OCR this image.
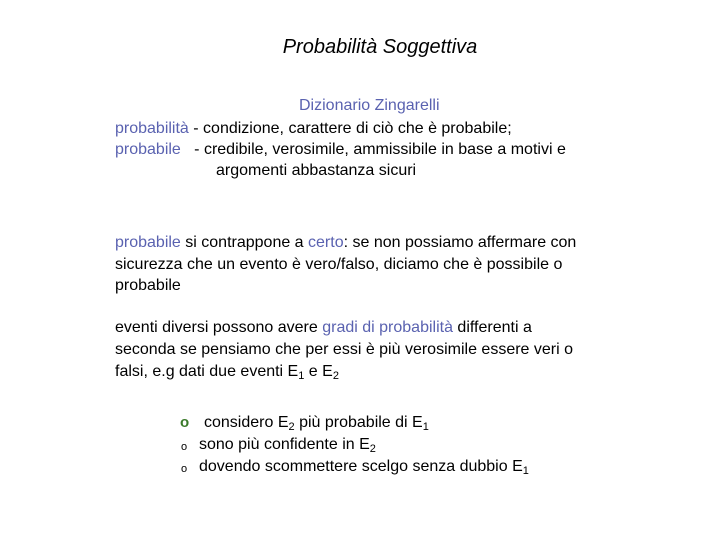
Probabilità Soggettiva
Dizionario Zingarelli
probabilità - condizione, carattere di ciò che è probabile;
probabile   - credibile, verosimile, ammissibile in base a motivi e
argomenti abbastanza sicuri
probabile si contrappone a certo: se non possiamo affermare con
sicurezza che un evento è vero/falso, diciamo che è possibile o
probabile
eventi diversi possono avere gradi di probabilità differenti a
seconda se pensiamo che per essi è più verosimile essere veri o
falsi, e.g dati due eventi $E_1$ e $E_2$
o considero $E_2$ più probabile di $E_1$
o sono più confidente in $E_2$
o dovendo scommettere scelgo senza dubbio $E_1$
